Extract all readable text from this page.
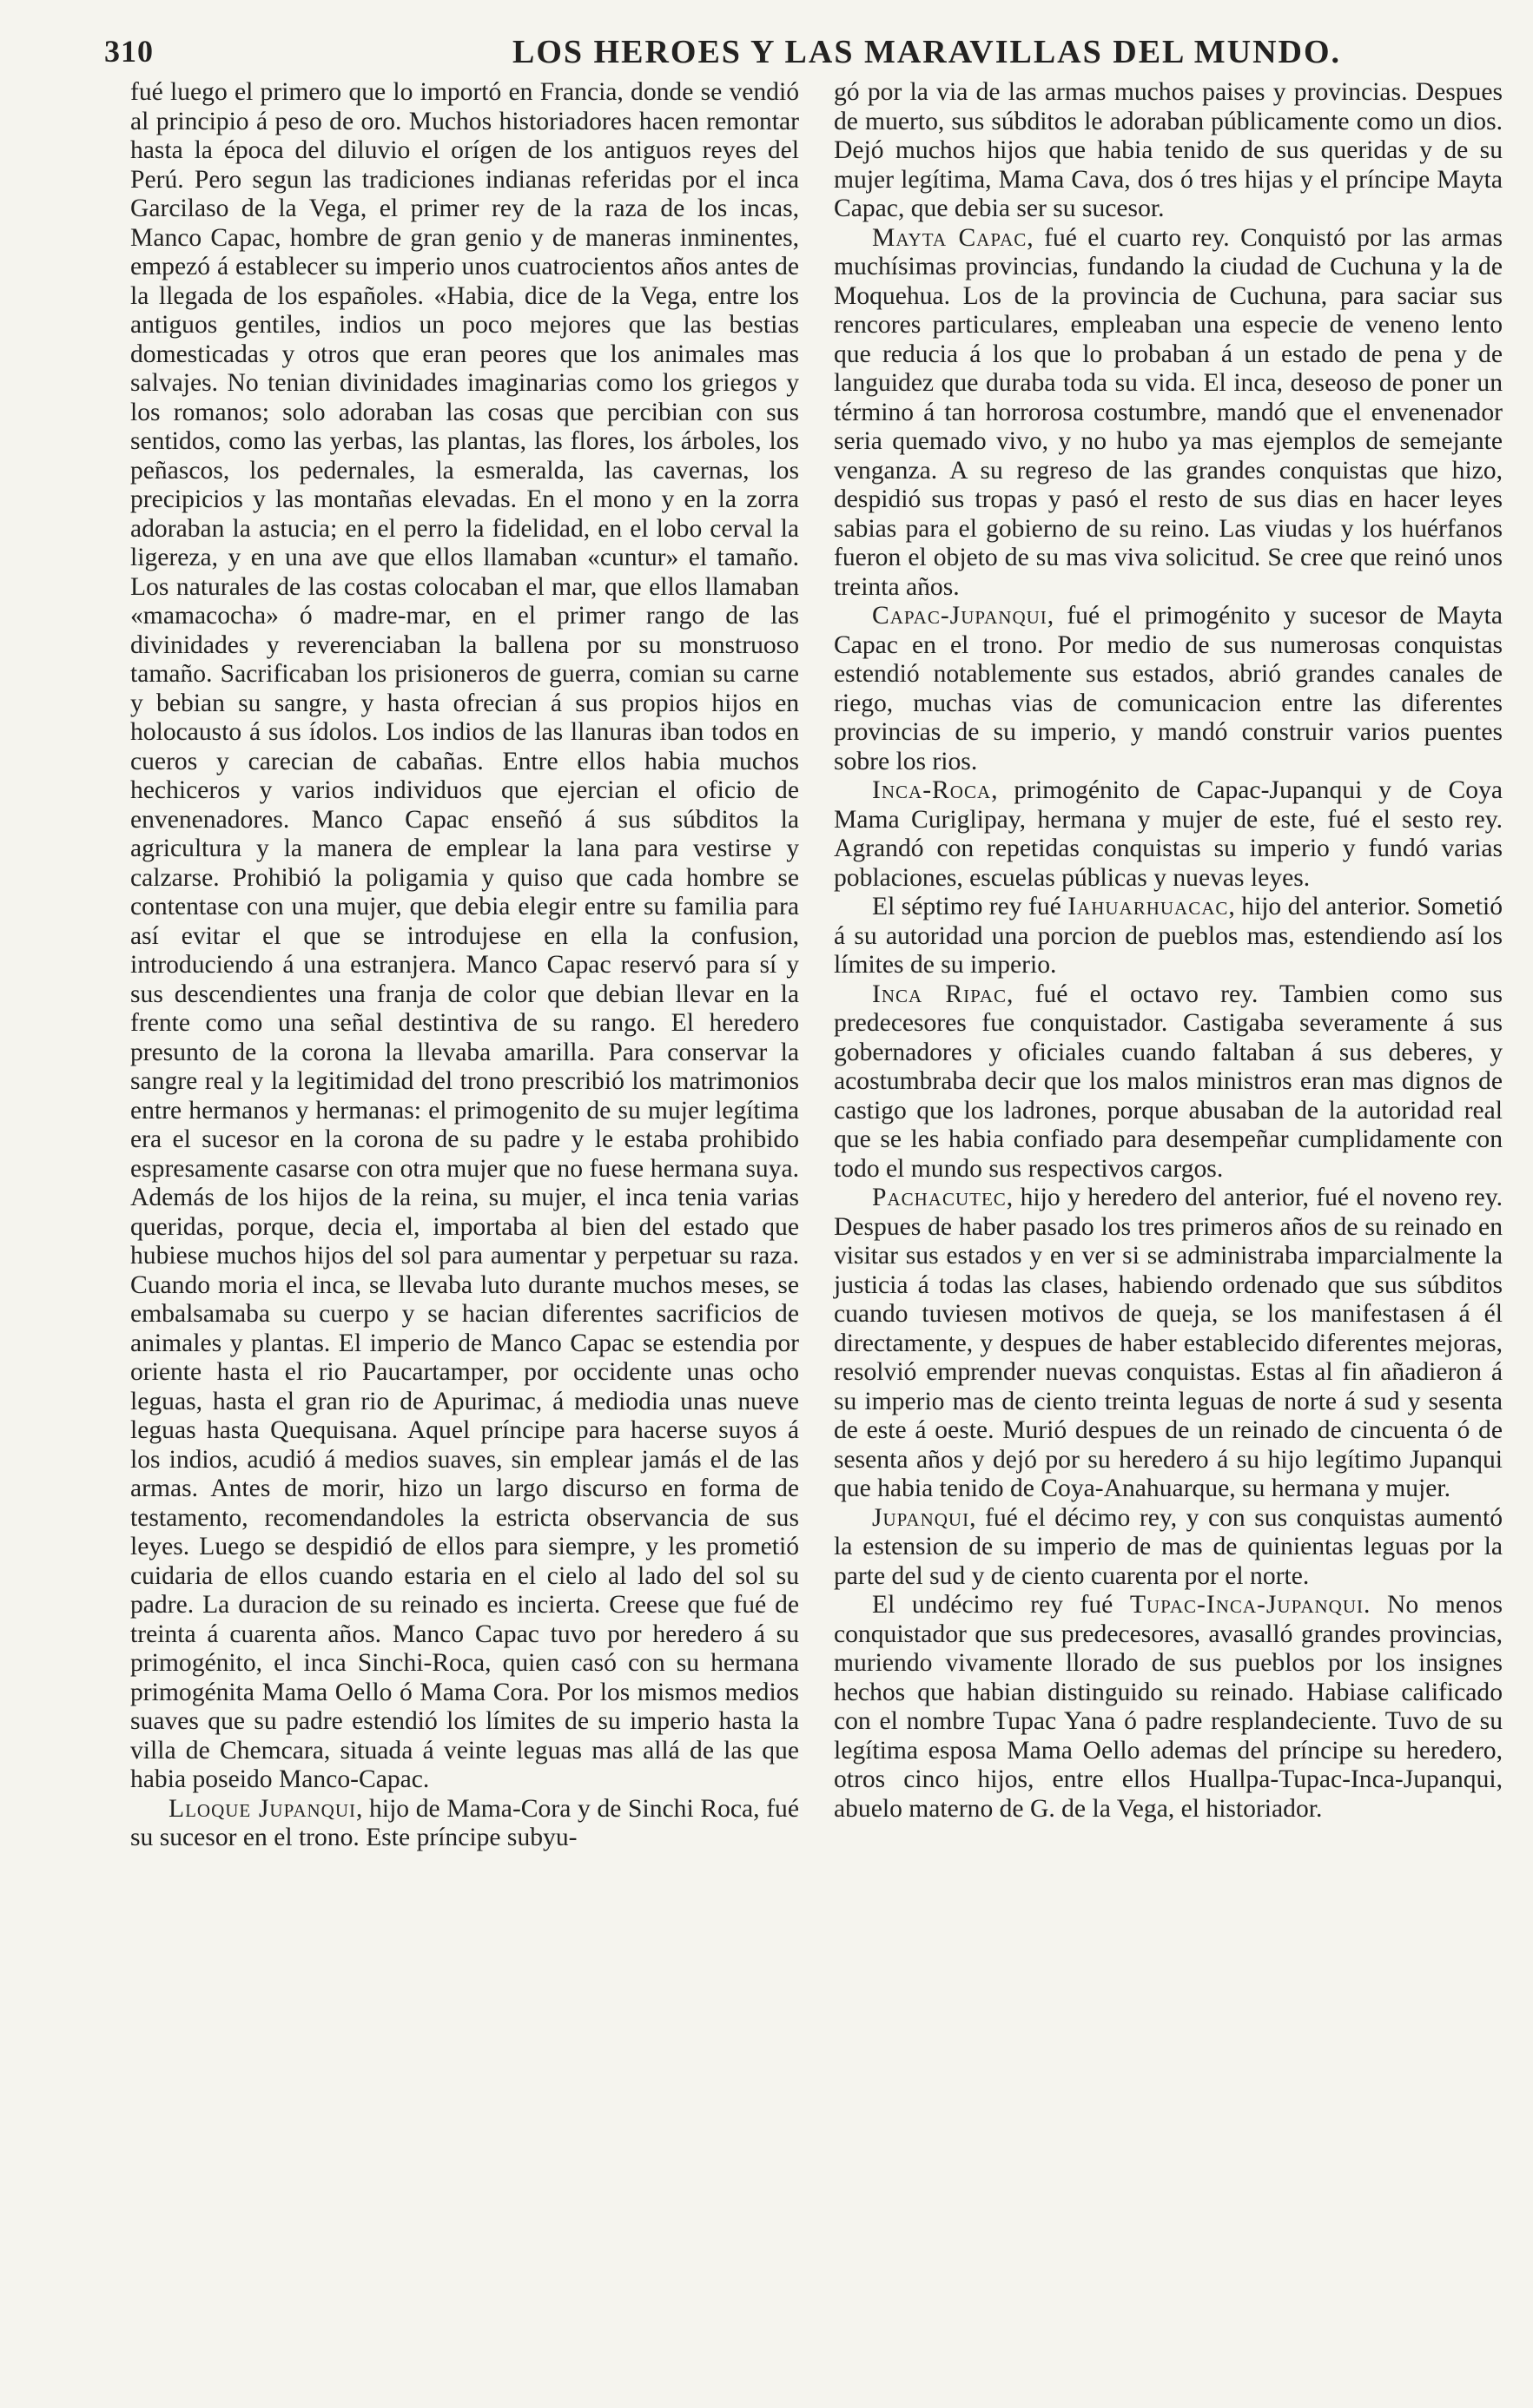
310	LOS HEROES Y LAS MARAVILLAS DEL MUNDO.

fué luego el primero que lo importó en Francia, donde se vendió al principio á peso de oro. Muchos historiadores hacen remontar hasta la época del diluvio el orígen de los antiguos reyes del Perú. Pero segun las tradiciones indianas referidas por el inca Garcilaso de la Vega, el primer rey de la raza de los incas, Manco Capac, hombre de gran genio y de maneras inminentes, empezó á establecer su imperio unos cuatrocientos años antes de la llegada de los españoles. «Habia, dice de la Vega, entre los antiguos gentiles, indios un poco mejores que las bestias domesticadas y otros que eran peores que los animales mas salvajes. No tenian divinidades imaginarias como los griegos y los romanos; solo adoraban las cosas que percibian con sus sentidos, como las yerbas, las plantas, las flores, los árboles, los peñascos, los pedernales, la esmeralda, las cavernas, los precipicios y las montañas elevadas. En el mono y en la zorra adoraban la astucia; en el perro la fidelidad, en el lobo cerval la ligereza, y en una ave que ellos llamaban «cuntur» el tamaño. Los naturales de las costas colocaban el mar, que ellos llamaban «mamacocha» ó madre-mar, en el primer rango de las divinidades y reverenciaban la ballena por su monstruoso tamaño. Sacrificaban los prisioneros de guerra, comian su carne y bebian su sangre, y hasta ofrecian á sus propios hijos en holocausto á sus ídolos. Los indios de las llanuras iban todos en cueros y carecian de cabañas. Entre ellos habia muchos hechiceros y varios individuos que ejercian el oficio de envenenadores. Manco Capac enseñó á sus súbditos la agricultura y la manera de emplear la lana para vestirse y calzarse. Prohibió la poligamia y quiso que cada hombre se contentase con una mujer, que debia elegir entre su familia para así evitar el que se introdujese en ella la confusion, introduciendo á una estranjera. Manco Capac reservó para sí y sus descendientes una franja de color que debian llevar en la frente como una señal destintiva de su rango. El heredero presunto de la corona la llevaba amarilla. Para conservar la sangre real y la legitimidad del trono prescribió los matrimonios entre hermanos y hermanas: el primogenito de su mujer legítima era el sucesor en la corona de su padre y le estaba prohibido espresamente casarse con otra mujer que no fuese hermana suya. Además de los hijos de la reina, su mujer, el inca tenia varias queridas, porque, decia el, importaba al bien del estado que hubiese muchos hijos del sol para aumentar y perpetuar su raza. Cuando moria el inca, se llevaba luto durante muchos meses, se embalsamaba su cuerpo y se hacian diferentes sacrificios de animales y plantas. El imperio de Manco Capac se estendia por oriente hasta el rio Paucartamper, por occidente unas ocho leguas, hasta el gran rio de Apurimac, á mediodia unas nueve leguas hasta Quequisana. Aquel príncipe para hacerse suyos á los indios, acudió á medios suaves, sin emplear jamás el de las armas. Antes de morir, hizo un largo discurso en forma de testamento, recomendandoles la estricta observancia de sus leyes. Luego se despidió de ellos para siempre, y les prometió cuidaria de ellos cuando estaria en el cielo al lado del sol su padre. La duracion de su reinado es incierta. Creese que fué de treinta á cuarenta años. Manco Capac tuvo por heredero á su primogénito, el inca Sinchi-Roca, quien casó con su hermana primogénita Mama Oello ó Mama Cora. Por los mismos medios suaves que su padre estendió los límites de su imperio hasta la villa de Chemcara, situada á veinte leguas mas allá de las que habia poseido Manco-Capac.

Lloque Jupanqui, hijo de Mama-Cora y de Sinchi Roca, fué su sucesor en el trono. Este príncipe subyu-

gó por la via de las armas muchos paises y provincias. Despues de muerto, sus súbditos le adoraban públicamente como un dios. Dejó muchos hijos que habia tenido de sus queridas y de su mujer legítima, Mama Cava, dos ó tres hijas y el príncipe Mayta Capac, que debia ser su sucesor.

Mayta Capac, fué el cuarto rey. Conquistó por las armas muchísimas provincias, fundando la ciudad de Cuchuna y la de Moquehua. Los de la provincia de Cuchuna, para saciar sus rencores particulares, empleaban una especie de veneno lento que reducia á los que lo probaban á un estado de pena y de languidez que duraba toda su vida. El inca, deseoso de poner un término á tan horrorosa costumbre, mandó que el envenenador seria quemado vivo, y no hubo ya mas ejemplos de semejante venganza. A su regreso de las grandes conquistas que hizo, despidió sus tropas y pasó el resto de sus dias en hacer leyes sabias para el gobierno de su reino. Las viudas y los huérfanos fueron el objeto de su mas viva solicitud. Se cree que reinó unos treinta años.

Capac-Jupanqui, fué el primogénito y sucesor de Mayta Capac en el trono. Por medio de sus numerosas conquistas estendió notablemente sus estados, abrió grandes canales de riego, muchas vias de comunicacion entre las diferentes provincias de su imperio, y mandó construir varios puentes sobre los rios.

Inca-Roca, primogénito de Capac-Jupanqui y de Coya Mama Curiglipay, hermana y mujer de este, fué el sesto rey. Agrandó con repetidas conquistas su imperio y fundó varias poblaciones, escuelas públicas y nuevas leyes.

El séptimo rey fué Iahuarhuacac, hijo del anterior. Sometió á su autoridad una porcion de pueblos mas, estendiendo así los límites de su imperio.

Inca Ripac, fué el octavo rey. Tambien como sus predecesores fue conquistador. Castigaba severamente á sus gobernadores y oficiales cuando faltaban á sus deberes, y acostumbraba decir que los malos ministros eran mas dignos de castigo que los ladrones, porque abusaban de la autoridad real que se les habia confiado para desempeñar cumplidamente con todo el mundo sus respectivos cargos.

Pachacutec, hijo y heredero del anterior, fué el noveno rey. Despues de haber pasado los tres primeros años de su reinado en visitar sus estados y en ver si se administraba imparcialmente la justicia á todas las clases, habiendo ordenado que sus súbditos cuando tuviesen motivos de queja, se los manifestasen á él directamente, y despues de haber establecido diferentes mejoras, resolvió emprender nuevas conquistas. Estas al fin añadieron á su imperio mas de ciento treinta leguas de norte á sud y sesenta de este á oeste. Murió despues de un reinado de cincuenta ó de sesenta años y dejó por su heredero á su hijo legítimo Jupanqui que habia tenido de Coya-Anahuarque, su hermana y mujer.

Jupanqui, fué el décimo rey, y con sus conquistas aumentó la estension de su imperio de mas de quinientas leguas por la parte del sud y de ciento cuarenta por el norte.

El undécimo rey fué Tupac-Inca-Jupanqui. No menos conquistador que sus predecesores, avasalló grandes provincias, muriendo vivamente llorado de sus pueblos por los insignes hechos que habian distinguido su reinado. Habiase calificado con el nombre Tupac Yana ó padre resplandeciente. Tuvo de su legítima esposa Mama Oello ademas del príncipe su heredero, otros cinco hijos, entre ellos Huallpa-Tupac-Inca-Jupanqui, abuelo materno de G. de la Vega, el historiador.
